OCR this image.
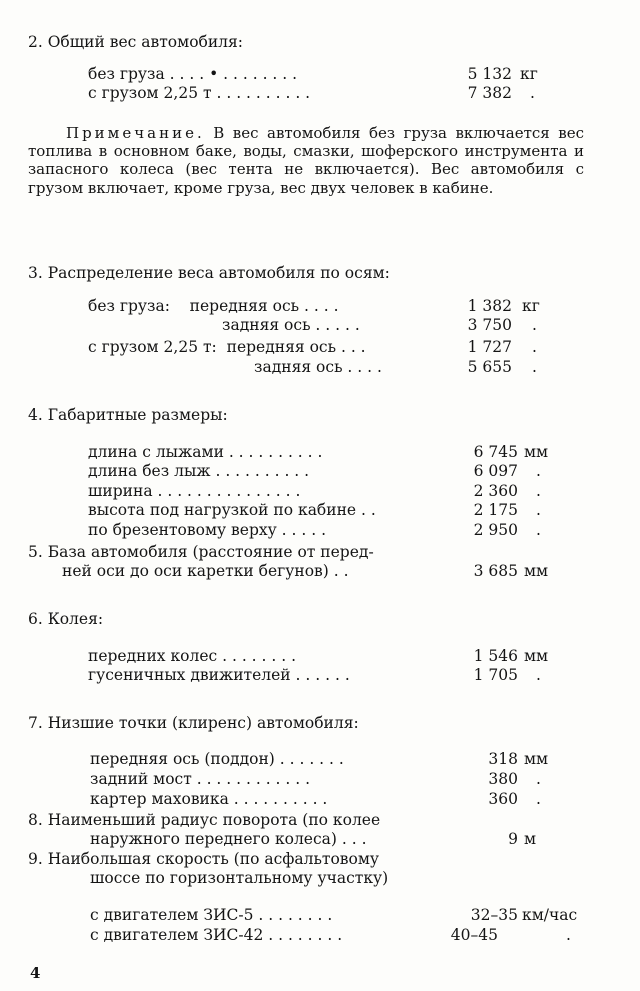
2. Общий вес автомобиля:
без груза . . . . • . . . . . . . .	5 132 кг
с грузом 2,25 т . . . . . . . . . .	7 382 .
Примечание. В вес автомобиля без груза включается вес топлива в основном баке, воды, смазки, шоферского инструмента и запасного колеса (вес тента не включается). Вес автомобиля с грузом включает, кроме груза, вес двух человек в кабине.
3. Распределение веса автомобиля по осям:
без груза:    передняя ось . . . .	1 382 кг
задняя ось . . . . .	3 750 .
с грузом 2,25 т:  передняя ось . . .	1 727 .
задняя ось . . . .	5 655 .
4. Габаритные размеры:
длина с лыжами . . . . . . . . . .	6 745 мм
длина без лыж . . . . . . . . . .	6 097 .
ширина . . . . . . . . . . . . . . .	2 360 .
высота под нагрузкой по кабине . .	2 175 .
по брезентовому верху . . . . .	2 950 .
5. База автомобиля (расстояние от перед-
ней оси до оси каретки бегунов) . .	3 685 мм
6. Колея:
передних колес . . . . . . . .	1 546 мм
гусеничных движителей . . . . . .	1 705 .
7. Низшие точки (клиренс) автомобиля:
передняя ось (поддон) . . . . . . .	318 мм
задний мост . . . . . . . . . . . .	380 .
картер маховика . . . . . . . . . .	360 .
8. Наименьший радиус поворота (по колее
наружного переднего колеса) . . .	9 м
9. Наибольшая скорость (по асфальтовому
шоссе по горизонтальному участку)
с двигателем ЗИС-5 . . . . . . . .	32–35 км/час
с двигателем ЗИС-42 . . . . . . . .	40–45	.
4
